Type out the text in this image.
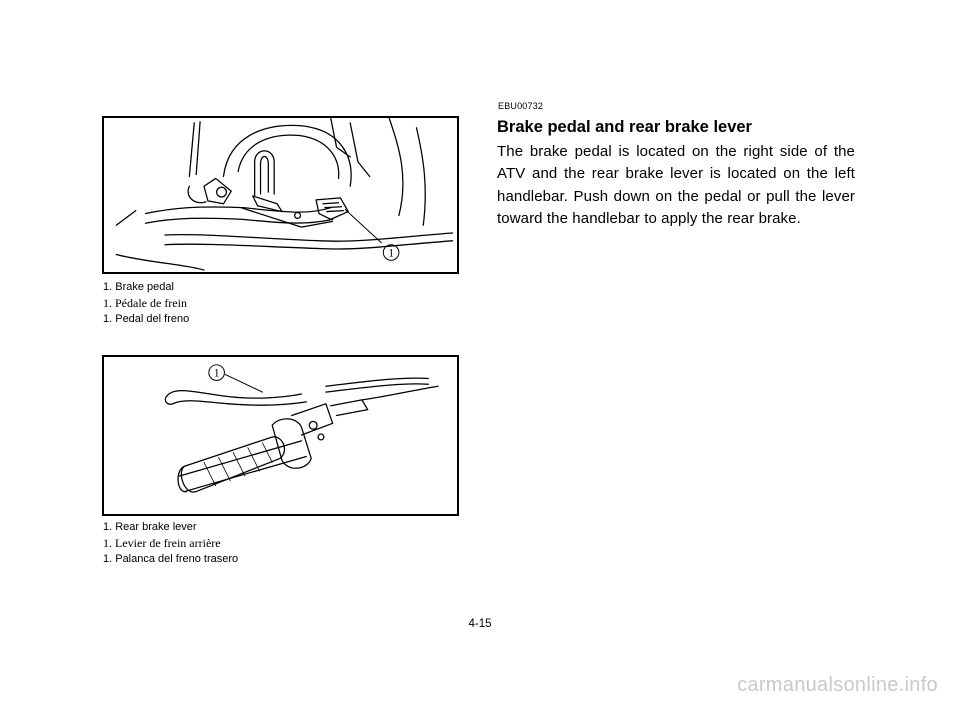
1
1. Brake pedal
1. Pédale de frein
1. Pedal del freno
1
1. Rear brake lever
1. Levier de frein arrière
1. Palanca del freno trasero
EBU00732
Brake pedal and rear brake lever
The brake pedal is located on the right side of the ATV and the rear brake lever is located on the left handlebar. Push down on the pedal or pull the lever toward the handlebar to apply the rear brake.
4-15
carmanualsonline.info
